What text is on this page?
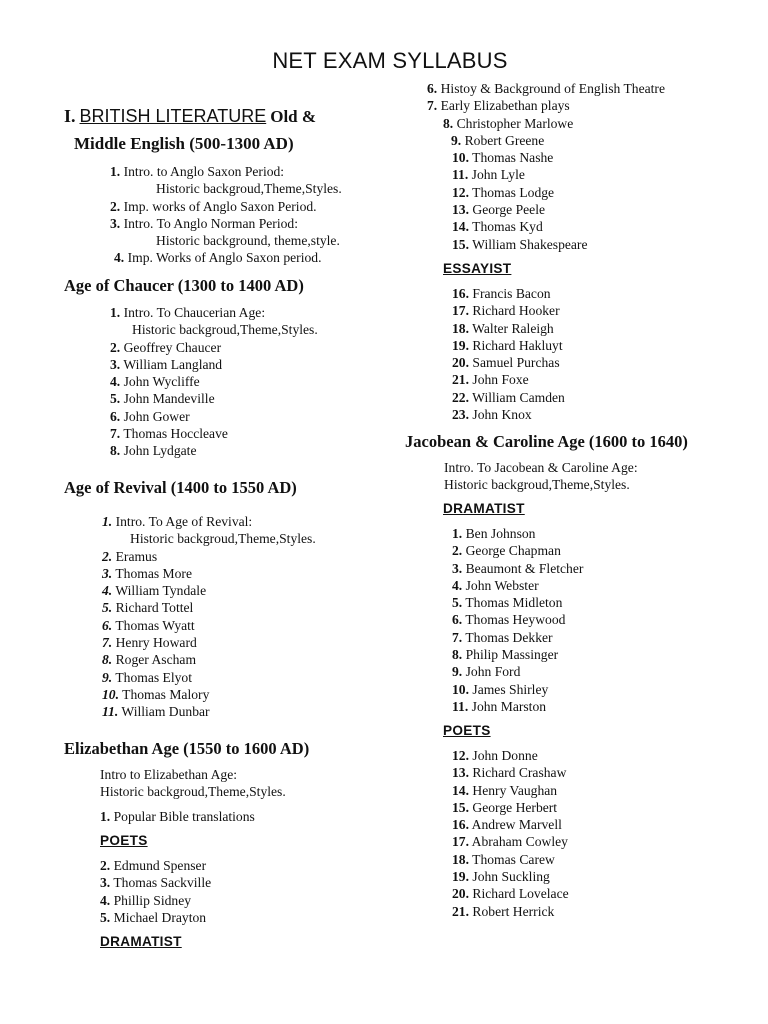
NET EXAM SYLLABUS
I. BRITISH LITERATURE Old &
Middle English (500-1300 AD)
1. Intro. to Anglo Saxon Period:
Historic backgroud,Theme,Styles.
2. Imp. works of Anglo Saxon Period.
3. Intro. To Anglo Norman Period:
Historic background, theme,style.
4. Imp. Works of Anglo Saxon period.
Age of Chaucer (1300 to 1400 AD)
1. Intro. To Chaucerian Age:
Historic backgroud,Theme,Styles.
2. Geoffrey Chaucer
3. William Langland
4. John Wycliffe
5. John Mandeville
6. John Gower
7. Thomas Hoccleave
8. John Lydgate
Age of Revival (1400 to 1550 AD)
1. Intro. To Age of Revival:
Historic backgroud,Theme,Styles.
2. Eramus
3. Thomas More
4. William Tyndale
5. Richard Tottel
6. Thomas Wyatt
7. Henry Howard
8. Roger Ascham
9. Thomas Elyot
10. Thomas Malory
11. William Dunbar
Elizabethan Age (1550 to 1600 AD)
Intro to Elizabethan Age:
Historic backgroud,Theme,Styles.
1. Popular Bible translations
POETS
2. Edmund Spenser
3. Thomas Sackville
4. Phillip Sidney
5. Michael Drayton
DRAMATIST
6. Histoy & Background of English Theatre
7. Early Elizabethan plays
8. Christopher Marlowe
9. Robert Greene
10. Thomas Nashe
11. John Lyle
12. Thomas Lodge
13. George Peele
14. Thomas Kyd
15. William Shakespeare
ESSAYIST
16. Francis Bacon
17. Richard Hooker
18. Walter Raleigh
19. Richard Hakluyt
20. Samuel Purchas
21. John Foxe
22. William Camden
23. John Knox
Jacobean & Caroline Age (1600 to 1640)
Intro. To Jacobean & Caroline Age:
Historic backgroud,Theme,Styles.
DRAMATIST
1. Ben Johnson
2. George Chapman
3. Beaumont & Fletcher
4. John Webster
5. Thomas Midleton
6. Thomas Heywood
7. Thomas Dekker
8. Philip Massinger
9. John Ford
10. James Shirley
11. John Marston
POETS
12. John Donne
13. Richard Crashaw
14. Henry Vaughan
15. George Herbert
16. Andrew Marvell
17. Abraham Cowley
18. Thomas Carew
19. John Suckling
20. Richard Lovelace
21. Robert Herrick
